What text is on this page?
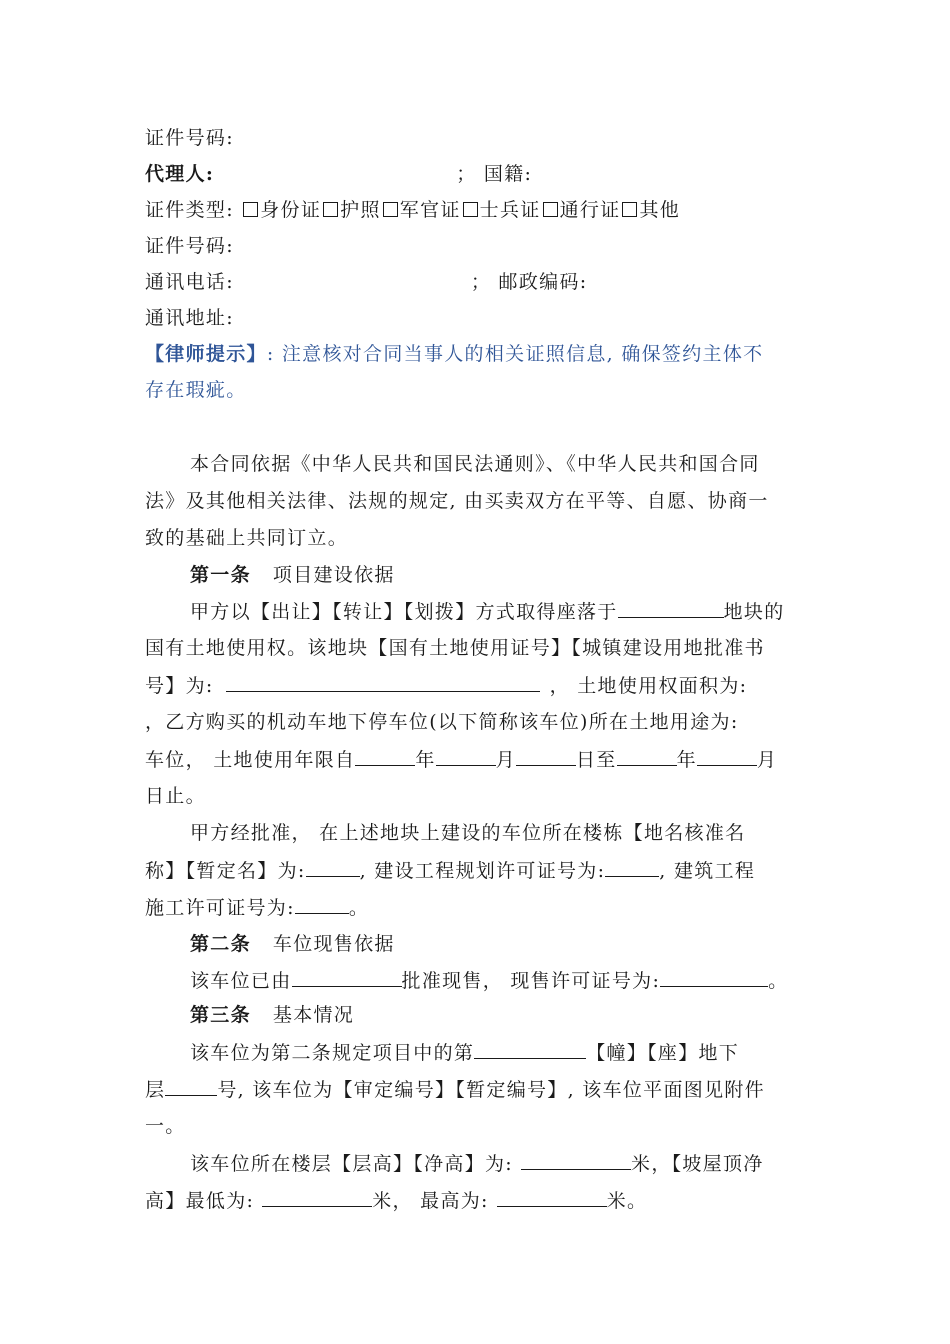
证件号码:
代理人:	； 国籍:
证件类型: 身份证 护照 军官证 士兵证 通行证 其他
证件号码:
通讯电话:	； 邮政编码:
通讯地址:
【律师提示】: 注意核对合同当事人的相关证照信息, 确保签约主体不
存在瑕疵。
本合同依据《中华人民共和国民法通则》、《中华人民共和国合同
法》及其他相关法律、法规的规定, 由买卖双方在平等、自愿、协商一
致的基础上共同订立。
第一条 项目建设依据
甲方以【出让】【转让】【划拨】方式取得座落于	地块的
国有土地使用权。该地块【国有土地使用证号】【城镇建设用地批准书
号】为:	， 土地使用权面积为:
，乙方购买的机动车地下停车位(以下简称该车位)所在土地用途为:
车位， 土地使用年限自	年	月	日至	年	月
日止。
甲方经批准， 在上述地块上建设的车位所在楼栋【地名核准名
称】【暂定名】为:	, 建设工程规划许可证号为:	, 建筑工程
施工许可证号为:	。
第二条 车位现售依据
该车位已由	批准现售， 现售许可证号为:	。
第三条 基本情况
该车位为第二条规定项目中的第	【幢】【座】地下
层	号, 该车位为【审定编号】【暂定编号】, 该车位平面图见附件
一。
该车位所在楼层【层高】【净高】为:	米，【坡屋顶净
高】最低为:	米， 最高为:	米。
